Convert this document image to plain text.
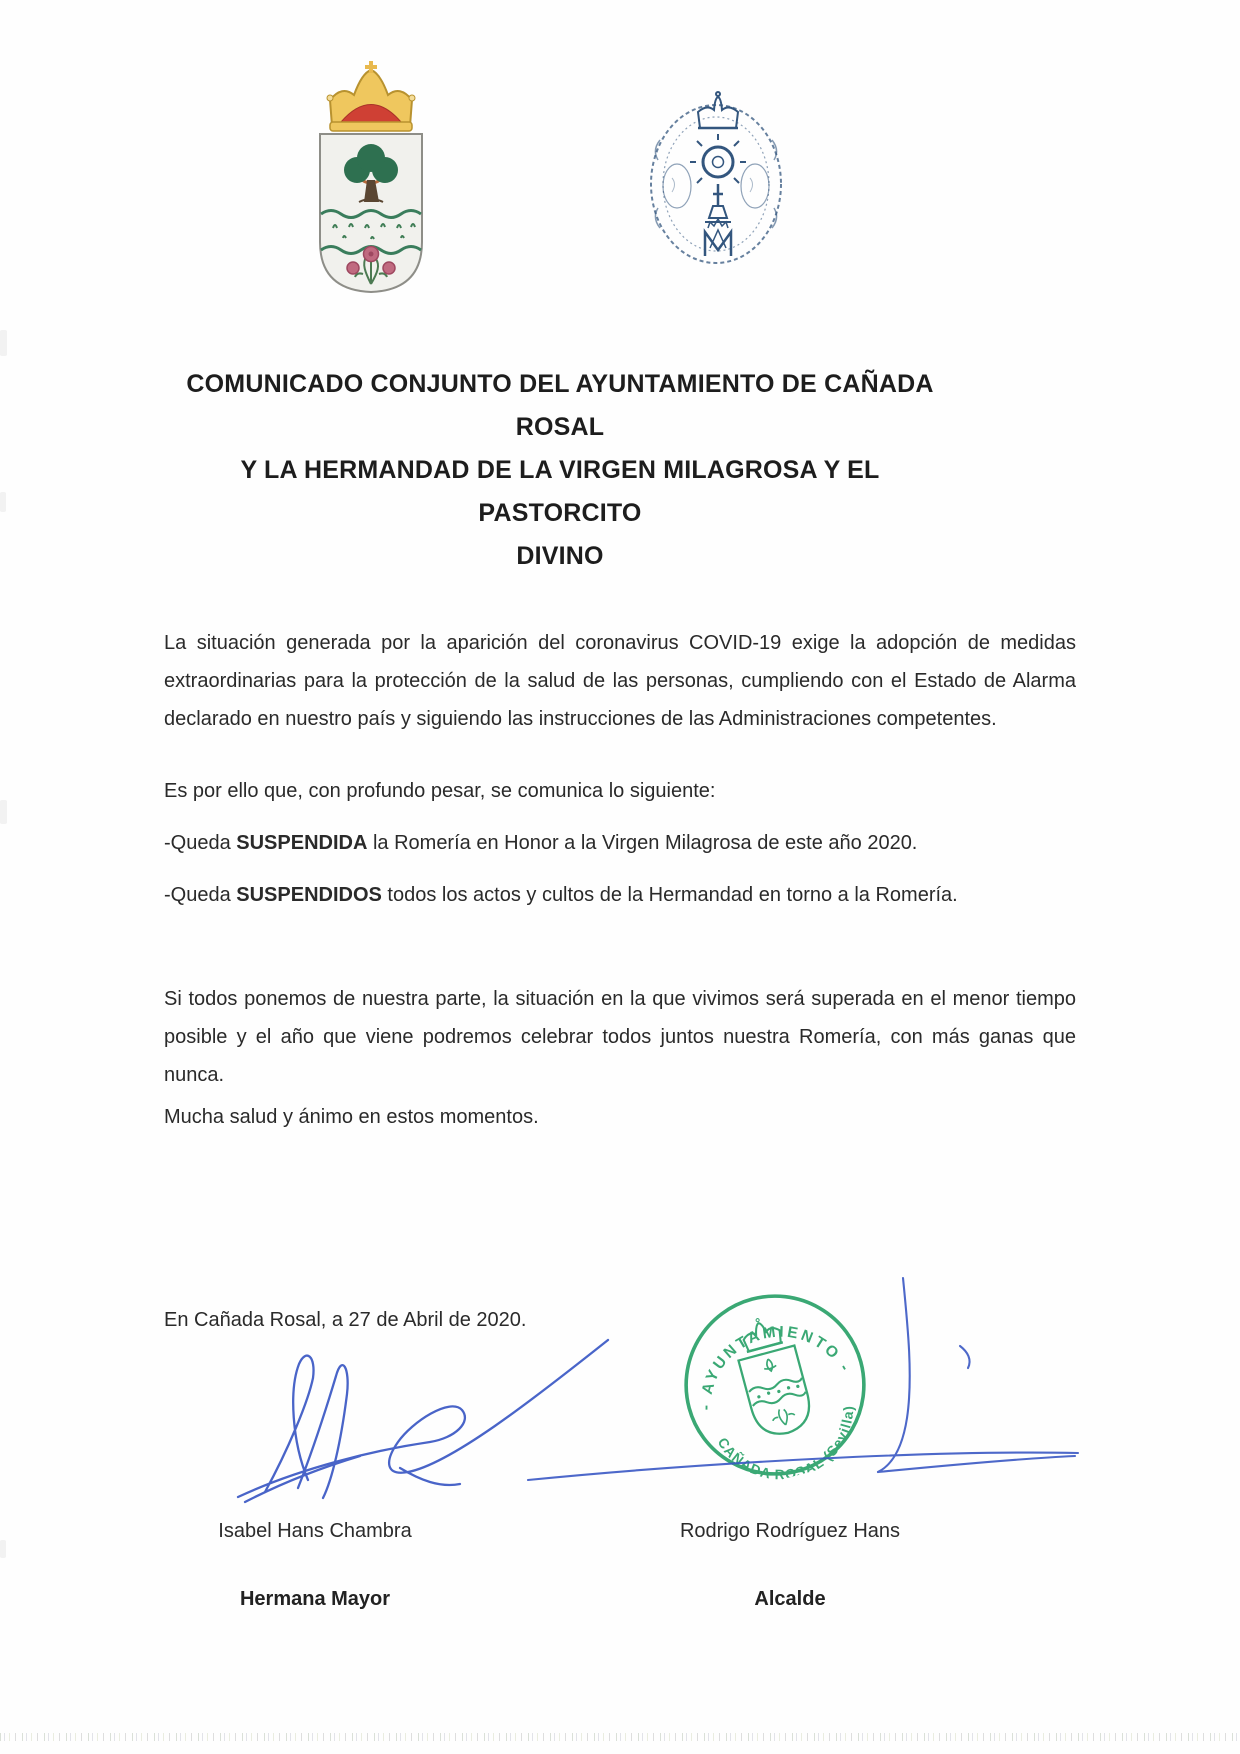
COMUNICADO CONJUNTO DEL AYUNTAMIENTO DE CAÑADA ROSAL
Y LA HERMANDAD DE LA VIRGEN MILAGROSA Y EL PASTORCITO
DIVINO

La situación generada por la aparición del coronavirus COVID-19 exige la adopción de medidas extraordinarias para la protección de la salud de las personas, cumpliendo con el Estado de Alarma declarado en nuestro país y siguiendo las instrucciones de las Administraciones competentes.

Es por ello que, con profundo pesar, se comunica lo siguiente:

-Queda SUSPENDIDA la Romería en Honor a la Virgen Milagrosa de este año 2020.

-Queda SUSPENDIDOS todos los actos y cultos de la Hermandad en torno a la Romería.

Si todos ponemos de nuestra parte, la situación en la que vivimos será superada en el menor tiempo posible y el año que viene podremos celebrar todos juntos nuestra Romería, con más ganas que nunca.

Mucha salud y ánimo en estos momentos.

En Cañada Rosal, a 27 de Abril de 2020.

- AYUNTAMIENTO -
CAÑADA ROSAL (Sevilla)

Isabel Hans Chambra	Rodrigo Rodríguez Hans

Hermana Mayor	Alcalde
